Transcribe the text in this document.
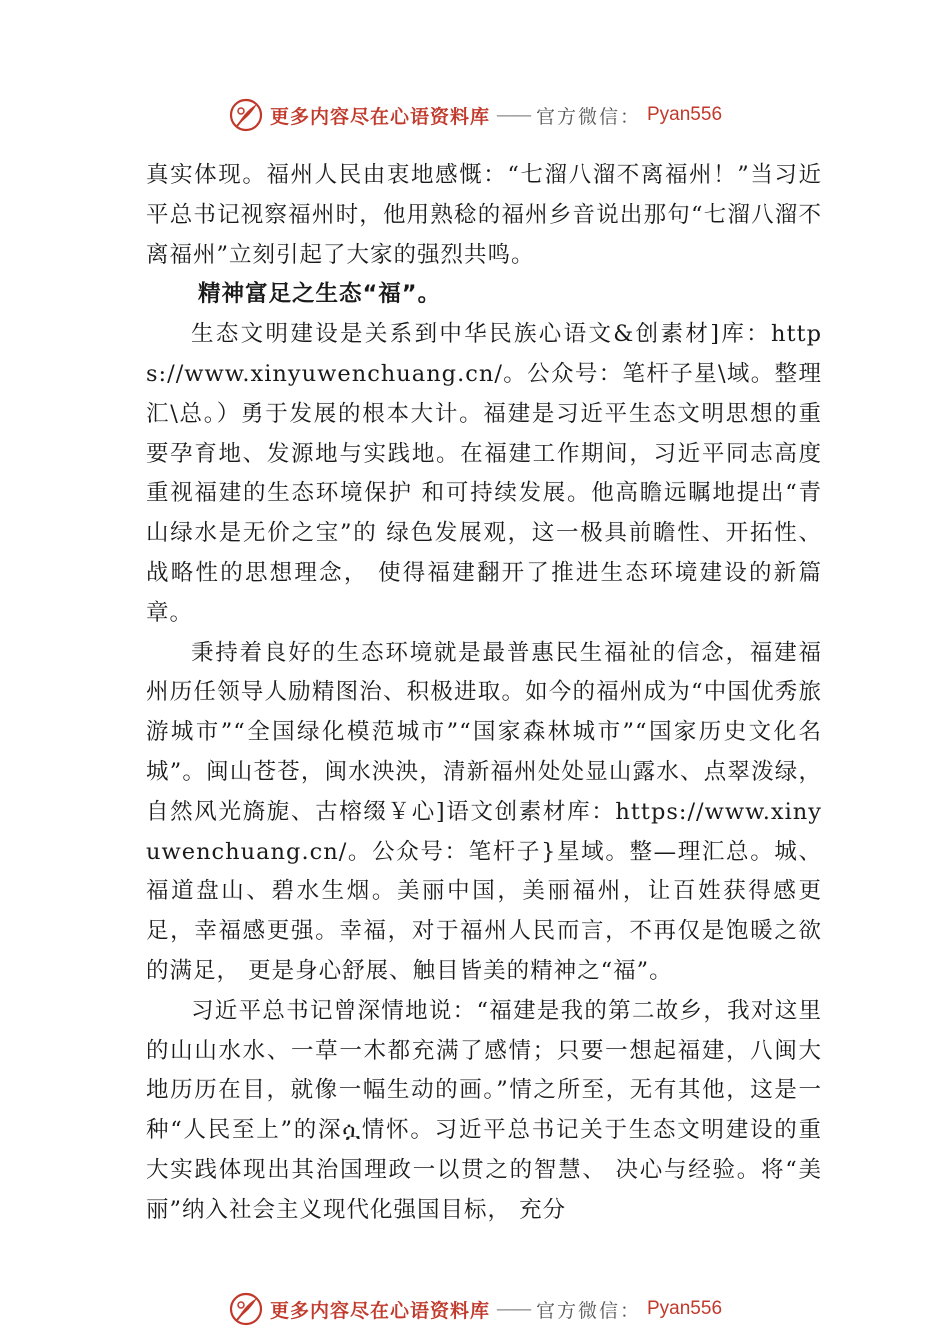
更多内容尽在心语资料库 —— 官方微信： Pyan556

真实体现。福州人民由衷地感慨：“七溜八溜不离福州！”当习近平总书记视察福州时，他用熟稔的福州乡音说出那句“七溜八溜不离福州”立刻引起了大家的强烈共鸣。

精神富足之生态“福”。

生态文明建设是关系到中华民族心语文&创素材]库：https://www.xinyuwenchuang.cn/。公众号：笔杆子星\域。整理汇\总。）勇于发展的根本大计。福建是习近平生态文明思想的重要孕育地、发源地与实践地。在福建工作期间，习近平同志高度重视福建的生态环境保护 和可持续发展。他高瞻远瞩地提出“青山绿水是无价之宝”的 绿色发展观，这一极具前瞻性、开拓性、战略性的思想理念， 使得福建翻开了推进生态环境建设的新篇章。

秉持着良好的生态环境就是最普惠民生福祉的信念，福建福州历任领导人励精图治、积极进取。如今的福州成为“中国优秀旅游城市”“全国绿化模范城市”“国家森林城市”“国家历史文化名城”。闽山苍苍，闽水泱泱，清新福州处处显山露水、点翠泼绿，自然风光旖旎、古榕缀￥心]语文创素材库：https://www.xinyuwenchuang.cn/。公众号：笔杆子}星域。整—理汇总。城、福道盘山、碧水生烟。美丽中国，美丽福州，让百姓获得感更足，幸福感更强。幸福，对于福州人民而言，不再仅是饱暖之欲的满足， 更是身心舒展、触目皆美的精神之“福”。

习近平总书记曾深情地说：“福建是我的第二故乡，我对这里的山山水水、一草一木都充满了感情；只要一想起福建，八闽大地历历在目，就像一幅生动的画。”情之所至，无有其他，这是一种“人民至上”的深ሷ情怀。习近平总书记关于生态文明建设的重大实践体现出其治国理政一以贯之的智慧、 决心与经验。将“美丽”纳入社会主义现代化强国目标， 充分

更多内容尽在心语资料库 —— 官方微信： Pyan556
